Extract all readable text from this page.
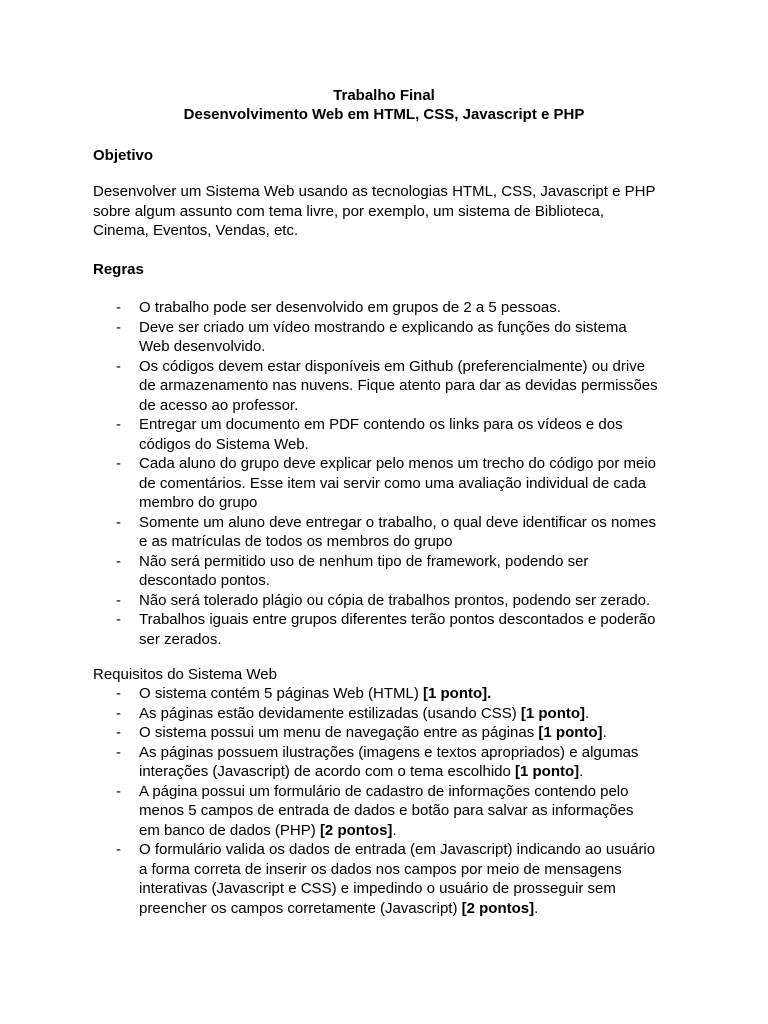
Trabalho Final
Desenvolvimento Web em HTML, CSS, Javascript e PHP
Objetivo
Desenvolver um Sistema Web usando as tecnologias HTML, CSS, Javascript e PHP
sobre algum assunto com tema livre, por exemplo, um sistema de Biblioteca,
Cinema, Eventos, Vendas, etc.
Regras
- O trabalho pode ser desenvolvido em grupos de 2 a 5 pessoas.
- Deve ser criado um vídeo mostrando e explicando as funções do sistema
Web desenvolvido.
- Os códigos devem estar disponíveis em Github (preferencialmente) ou drive
de armazenamento nas nuvens. Fique atento para dar as devidas permissões
de acesso ao professor.
- Entregar um documento em PDF contendo os links para os vídeos e dos
códigos do Sistema Web.
- Cada aluno do grupo deve explicar pelo menos um trecho do código por meio
de comentários. Esse item vai servir como uma avaliação individual de cada
membro do grupo
- Somente um aluno deve entregar o trabalho, o qual deve identificar os nomes
e as matrículas de todos os membros do grupo
- Não será permitido uso de nenhum tipo de framework, podendo ser
descontado pontos.
- Não será tolerado plágio ou cópia de trabalhos prontos, podendo ser zerado.
- Trabalhos iguais entre grupos diferentes terão pontos descontados e poderão
ser zerados.
Requisitos do Sistema Web
- O sistema contém 5 páginas Web (HTML) [1 ponto].
- As páginas estão devidamente estilizadas (usando CSS) [1 ponto].
- O sistema possui um menu de navegação entre as páginas [1 ponto].
- As páginas possuem ilustrações (imagens e textos apropriados) e algumas
interações (Javascript) de acordo com o tema escolhido [1 ponto].
- A página possui um formulário de cadastro de informações contendo pelo
menos 5 campos de entrada de dados e botão para salvar as informações
em banco de dados (PHP) [2 pontos].
- O formulário valida os dados de entrada (em Javascript) indicando ao usuário
a forma correta de inserir os dados nos campos por meio de mensagens
interativas (Javascript e CSS) e impedindo o usuário de prosseguir sem
preencher os campos corretamente (Javascript) [2 pontos].
